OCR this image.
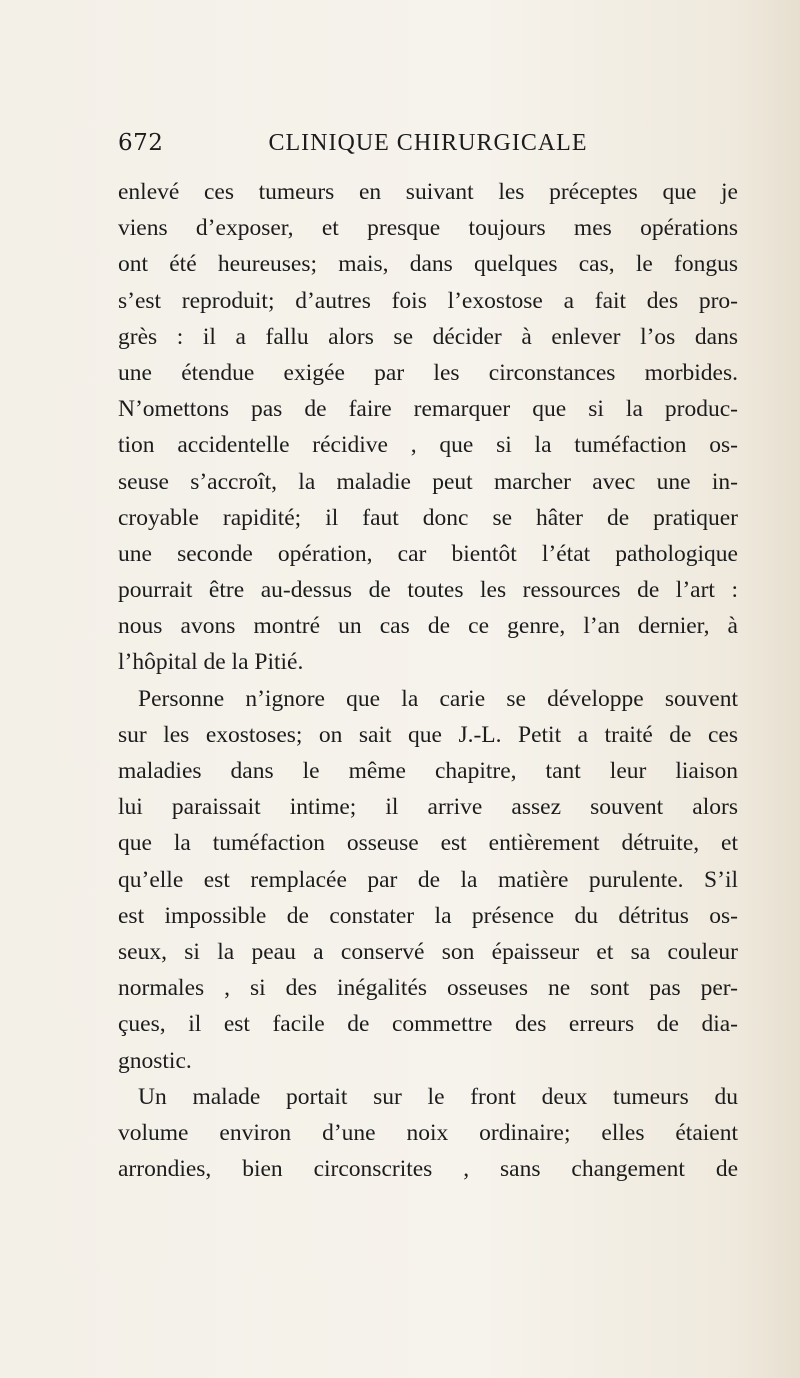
672	CLINIQUE CHIRURGICALE
enlevé ces tumeurs en suivant les préceptes que je
viens d’exposer, et presque toujours mes opérations
ont été heureuses; mais, dans quelques cas, le fongus
s’est reproduit; d’autres fois l’exostose a fait des pro-
grès : il a fallu alors se décider à enlever l’os dans
une étendue exigée par les circonstances morbides.
N’omettons pas de faire remarquer que si la produc-
tion accidentelle récidive , que si la tuméfaction os-
seuse s’accroît, la maladie peut marcher avec une in-
croyable rapidité; il faut donc se hâter de pratiquer
une seconde opération, car bientôt l’état pathologique
pourrait être au-dessus de toutes les ressources de l’art :
nous avons montré un cas de ce genre, l’an dernier, à
l’hôpital de la Pitié.
Personne n’ignore que la carie se développe souvent
sur les exostoses; on sait que J.-L. Petit a traité de ces
maladies dans le même chapitre, tant leur liaison
lui paraissait intime; il arrive assez souvent alors
que la tuméfaction osseuse est entièrement détruite, et
qu’elle est remplacée par de la matière purulente. S’il
est impossible de constater la présence du détritus os-
seux, si la peau a conservé son épaisseur et sa couleur
normales , si des inégalités osseuses ne sont pas per-
çues, il est facile de commettre des erreurs de dia-
gnostic.
Un malade portait sur le front deux tumeurs du
volume environ d’une noix ordinaire; elles étaient
arrondies, bien circonscrites , sans changement de
